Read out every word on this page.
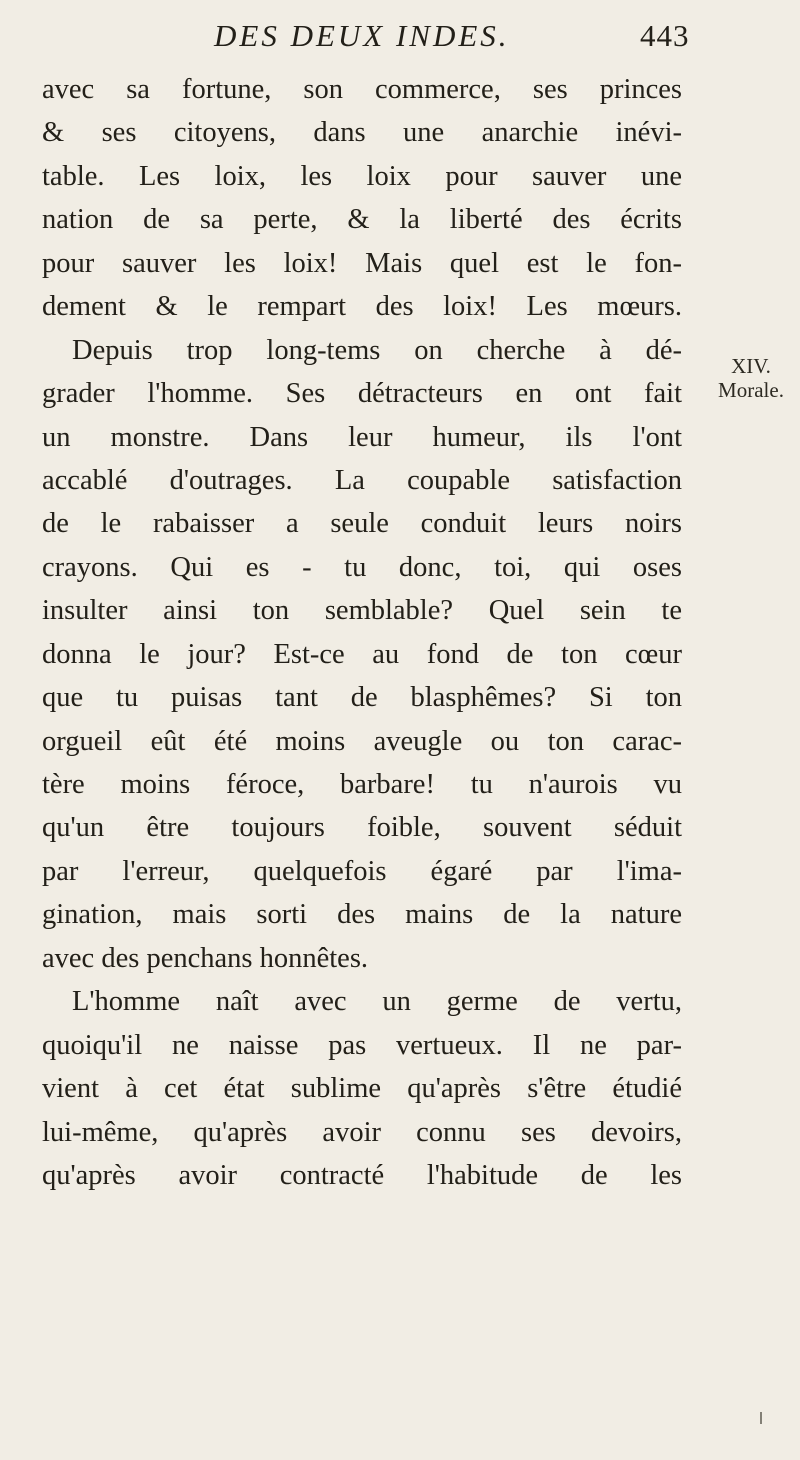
DES DEUX INDES.	443
avec sa fortune, son commerce, ses princes
& ses citoyens, dans une anarchie inévi-
table. Les loix, les loix pour sauver une
nation de sa perte, & la liberté des écrits
pour sauver les loix! Mais quel est le fon-
dement & le rempart des loix! Les mœurs.
Depuis trop long-tems on cherche à dé-
grader l'homme. Ses détracteurs en ont fait
un monstre. Dans leur humeur, ils l'ont
accablé d'outrages. La coupable satisfaction
de le rabaisser a seule conduit leurs noirs
crayons. Qui es - tu donc, toi, qui oses
insulter ainsi ton semblable? Quel sein te
donna le jour? Est-ce au fond de ton cœur
que tu puisas tant de blasphêmes? Si ton
orgueil eût été moins aveugle ou ton carac-
tère moins féroce, barbare! tu n'aurois vu
qu'un être toujours foible, souvent séduit
par l'erreur, quelquefois égaré par l'ima-
gination, mais sorti des mains de la nature
avec des penchans honnêtes.
L'homme naît avec un germe de vertu,
quoiqu'il ne naisse pas vertueux. Il ne par-
vient à cet état sublime qu'après s'être étudié
lui-même, qu'après avoir connu ses devoirs,
qu'après avoir contracté l'habitude de les
XIV.
Morale.
